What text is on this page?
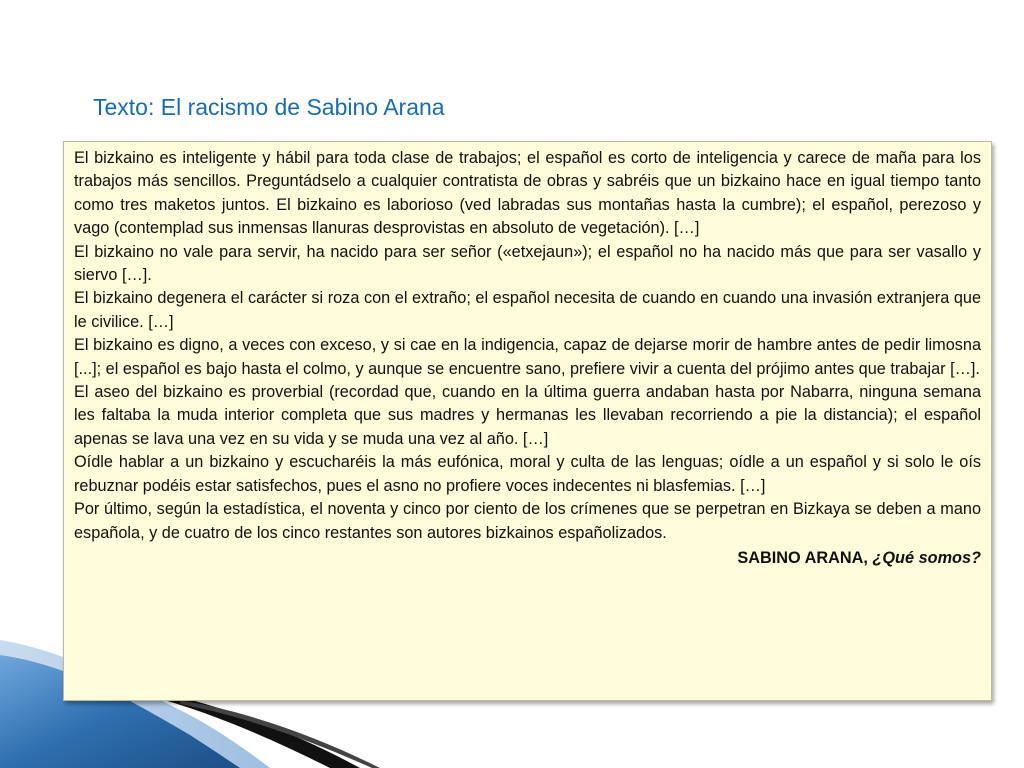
Texto: El racismo de Sabino Arana

El bizkaino es inteligente y hábil para toda clase de trabajos; el español es corto de inteligencia y carece de maña para los trabajos más sencillos. Preguntádselo a cualquier contratista de obras y sabréis que un bizkaino hace en igual tiempo tanto como tres maketos juntos. El bizkaino es laborioso (ved labradas sus montañas hasta la cumbre); el español, perezoso y vago (contemplad sus inmensas llanuras desprovistas en absoluto de vegetación). […]

El bizkaino no vale para servir, ha nacido para ser señor («etxejaun»); el español no ha nacido más que para ser vasallo y siervo […].

El bizkaino degenera el carácter si roza con el extraño; el español necesita de cuando en cuando una invasión extranjera que le civilice. […]

El bizkaino es digno, a veces con exceso, y si cae en la indigencia, capaz de dejarse morir de hambre antes de pedir limosna [...]; el español es bajo hasta el colmo, y aunque se encuentre sano, prefiere vivir a cuenta del prójimo antes que trabajar […].

El aseo del bizkaino es proverbial (recordad que, cuando en la última guerra andaban hasta por Nabarra, ninguna semana les faltaba la muda interior completa que sus madres y hermanas les llevaban recorriendo a pie la distancia); el español apenas se lava una vez en su vida y se muda una vez al año. […]

Oídle hablar a un bizkaino y escucharéis la más eufónica, moral y culta de las lenguas; oídle a un español y si solo le oís rebuznar podéis estar satisfechos, pues el asno no profiere voces indecentes ni blasfemias. […]

Por último, según la estadística, el noventa y cinco por ciento de los crímenes que se perpetran en Bizkaya se deben a mano española, y de cuatro de los cinco restantes son autores bizkainos españolizados.

SABINO ARANA, ¿Qué somos?
